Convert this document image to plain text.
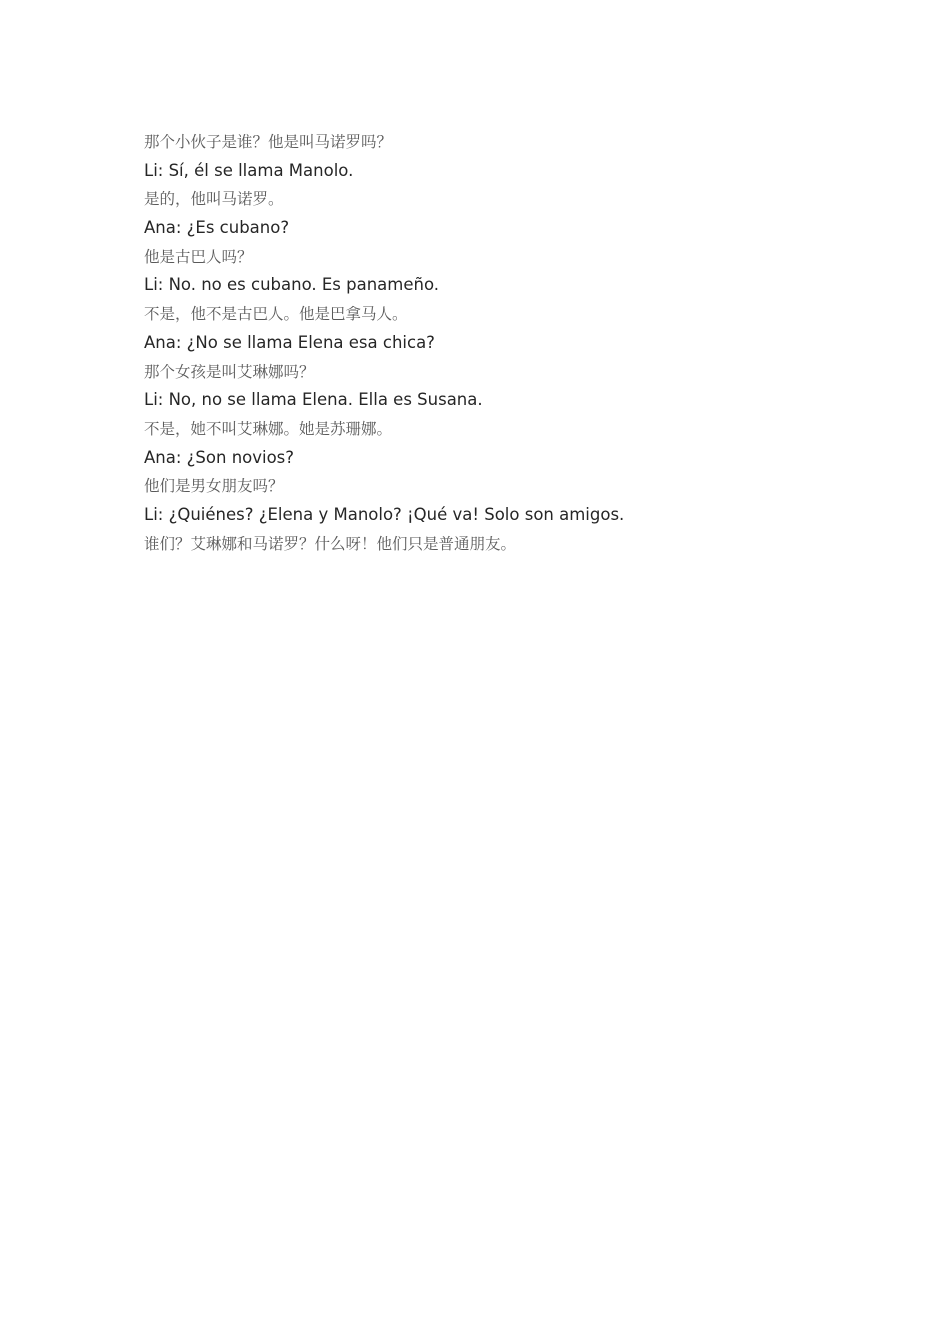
那个小伙子是谁？他是叫马诺罗吗？

Li: Sí, él se llama Manolo.

是的，他叫马诺罗。

Ana: ¿Es cubano?

他是古巴人吗？

Li: No. no es cubano. Es panameño.

不是，他不是古巴人。他是巴拿马人。

Ana: ¿No se llama Elena esa chica?

那个女孩是叫艾琳娜吗？

Li: No, no se llama Elena. Ella es Susana.

不是，她不叫艾琳娜。她是苏珊娜。

Ana: ¿Son novios?

他们是男女朋友吗？

Li: ¿Quiénes? ¿Elena y Manolo? ¡Qué va! Solo son amigos.

谁们？艾琳娜和马诺罗？什么呀！他们只是普通朋友。
